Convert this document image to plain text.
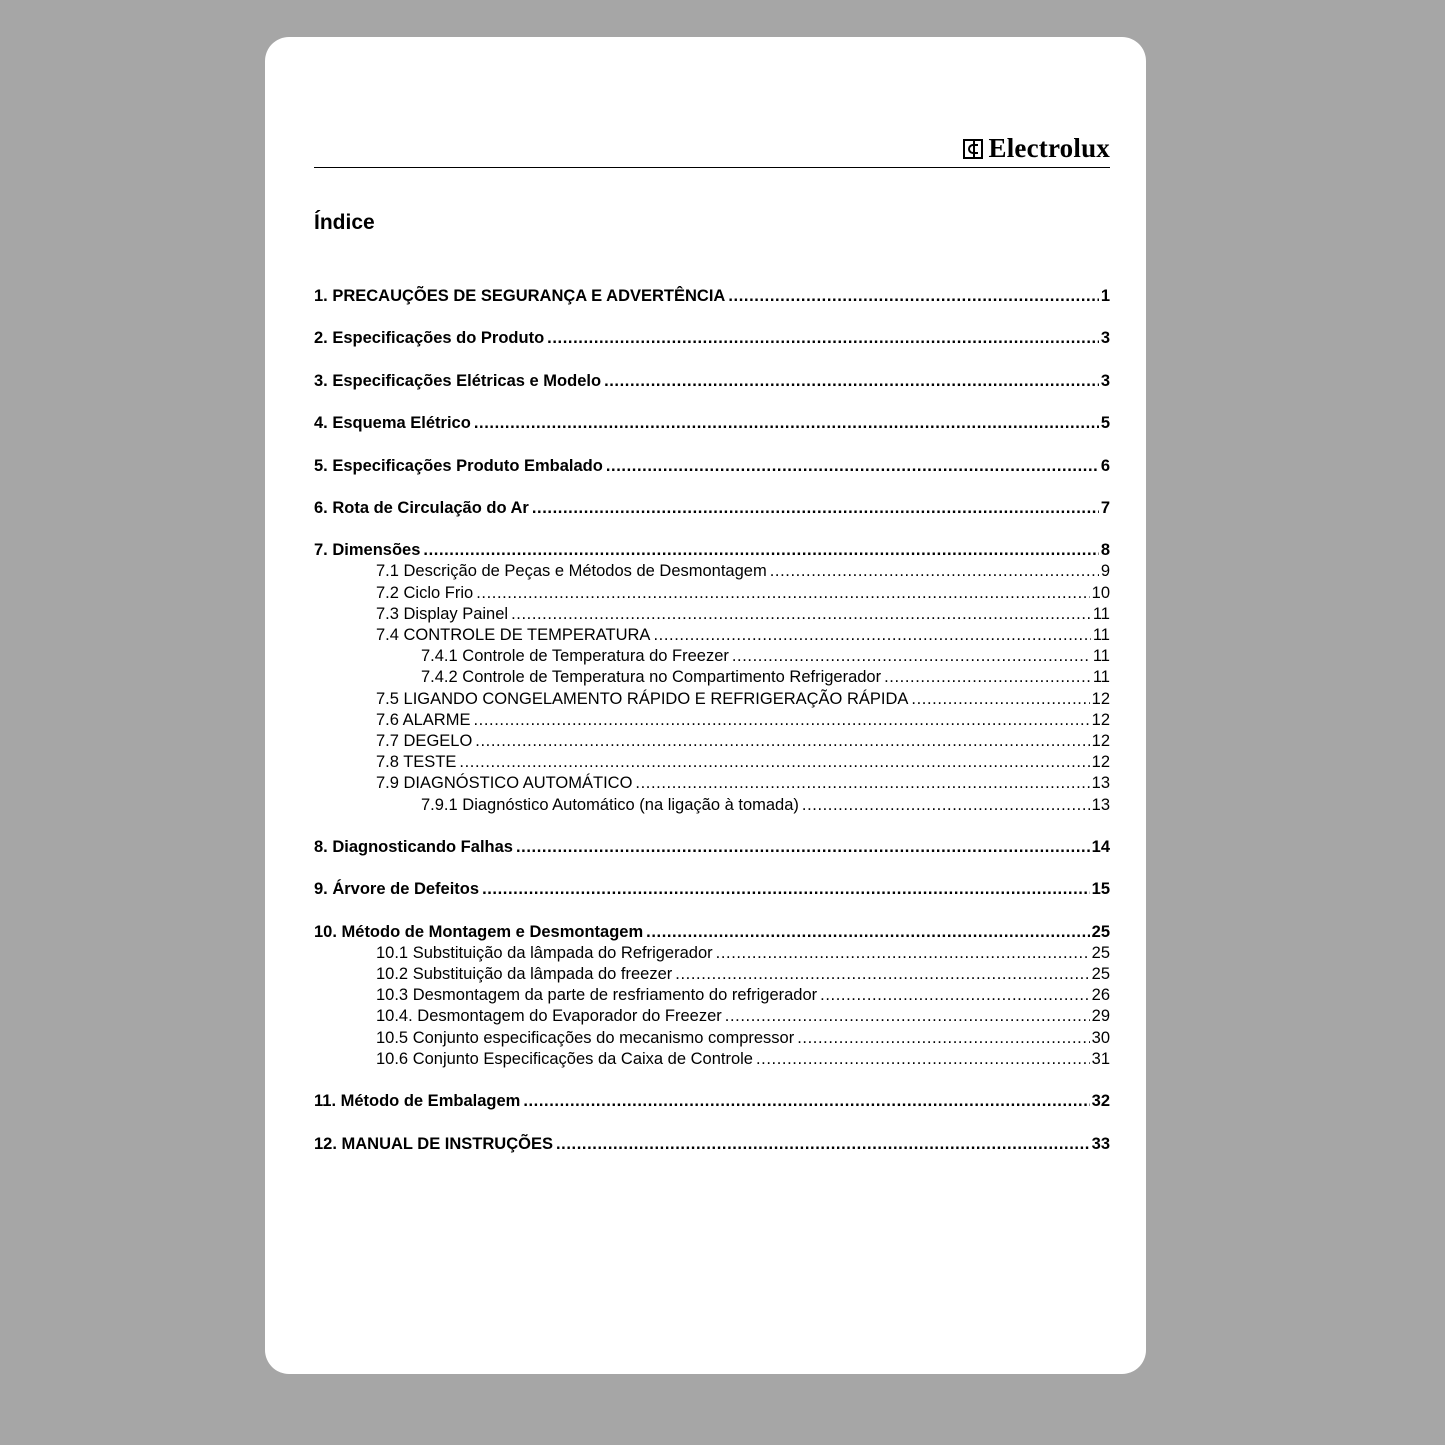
Electrolux
Índice
1. PRECAUÇÕES DE SEGURANÇA E ADVERTÊNCIA .....	1
2. Especificações do Produto .....	3
3. Especificações Elétricas e Modelo .....	3
4. Esquema Elétrico .....	5
5. Especificações Produto Embalado .....	6
6. Rota de Circulação do Ar .....	7
7. Dimensões .....	8
7.1 Descrição de Peças e Métodos de Desmontagem .....	9
7.2 Ciclo Frio .....	10
7.3 Display Painel .....	11
7.4 CONTROLE DE TEMPERATURA .....	11
7.4.1 Controle de Temperatura do Freezer .....	11
7.4.2 Controle de Temperatura no Compartimento Refrigerador .....	11
7.5 LIGANDO CONGELAMENTO RÁPIDO E REFRIGERAÇÃO RÁPIDA .....	12
7.6 ALARME .....	12
7.7 DEGELO .....	12
7.8 TESTE .....	12
7.9 DIAGNÓSTICO AUTOMÁTICO .....	13
7.9.1 Diagnóstico Automático (na ligação à tomada) .....	13
8. Diagnosticando Falhas .....	14
9. Árvore de Defeitos .....	15
10. Método de Montagem e Desmontagem .....	25
10.1 Substituição da lâmpada do Refrigerador .....	25
10.2 Substituição da lâmpada do freezer .....	25
10.3 Desmontagem da parte de resfriamento do refrigerador .....	26
10.4. Desmontagem do Evaporador do Freezer .....	29
10.5 Conjunto especificações do mecanismo compressor .....	30
10.6 Conjunto Especificações da Caixa de Controle .....	31
11. Método de Embalagem .....	32
12. MANUAL DE INSTRUÇÕES .....	33
